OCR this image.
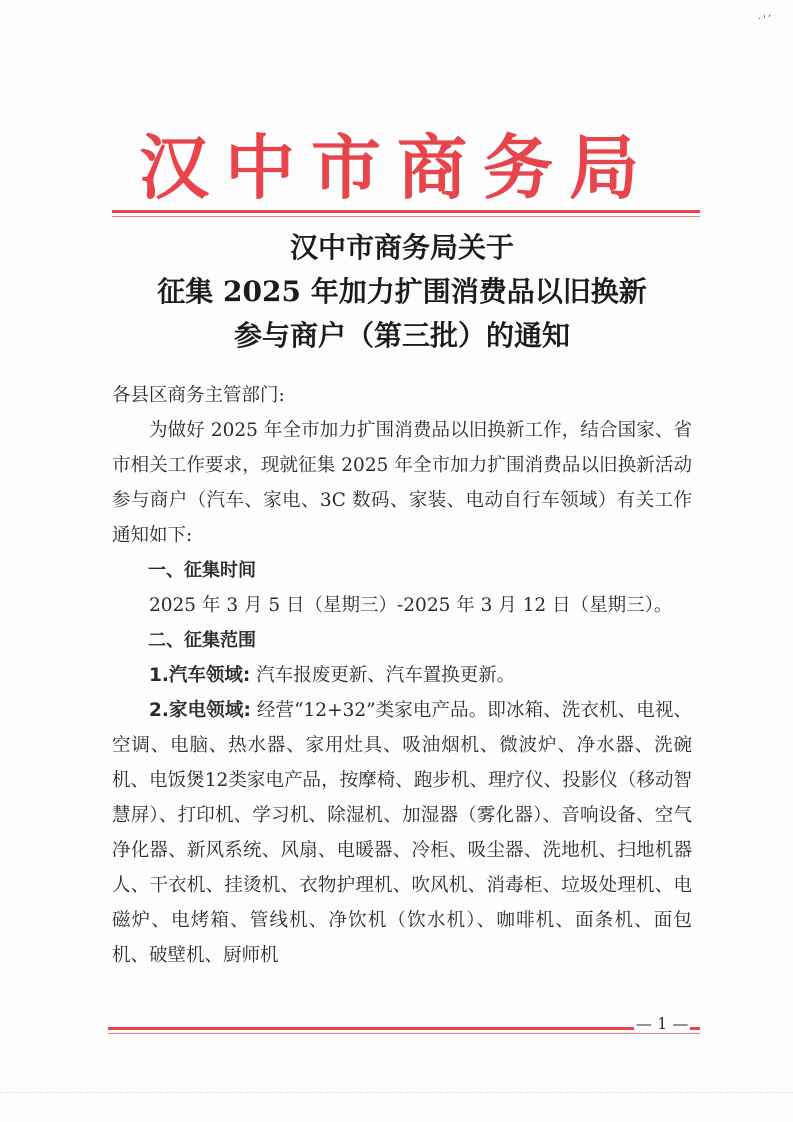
·'ʼ
汉中市商务局
汉中市商务局关于
征集 2025 年加力扩围消费品以旧换新
参与商户（第三批）的通知

各县区商务主管部门:

为做好 2025 年全市加力扩围消费品以旧换新工作，结合国家、省市相关工作要求，现就征集 2025 年全市加力扩围消费品以旧换新活动参与商户（汽车、家电、3C 数码、家装、电动自行车领域）有关工作通知如下:

一、征集时间

2025 年 3 月 5 日（星期三）-2025 年 3 月 12 日（星期三）。

二、征集范围

1.汽车领域: 汽车报废更新、汽车置换更新。

2.家电领域: 经营“12+32”类家电产品。即冰箱、洗衣机、电视、空调、电脑、热水器、家用灶具、吸油烟机、微波炉、净水器、洗碗机、电饭煲12类家电产品，按摩椅、跑步机、理疗仪、投影仪（移动智慧屏）、打印机、学习机、除湿机、加湿器（雾化器）、音响设备、空气净化器、新风系统、风扇、电暖器、冷柜、吸尘器、洗地机、扫地机器人、干衣机、挂烫机、衣物护理机、吹风机、消毒柜、垃圾处理机、电磁炉、电烤箱、管线机、净饮机（饮水机）、咖啡机、面条机、面包机、破壁机、厨师机

— 1 —
